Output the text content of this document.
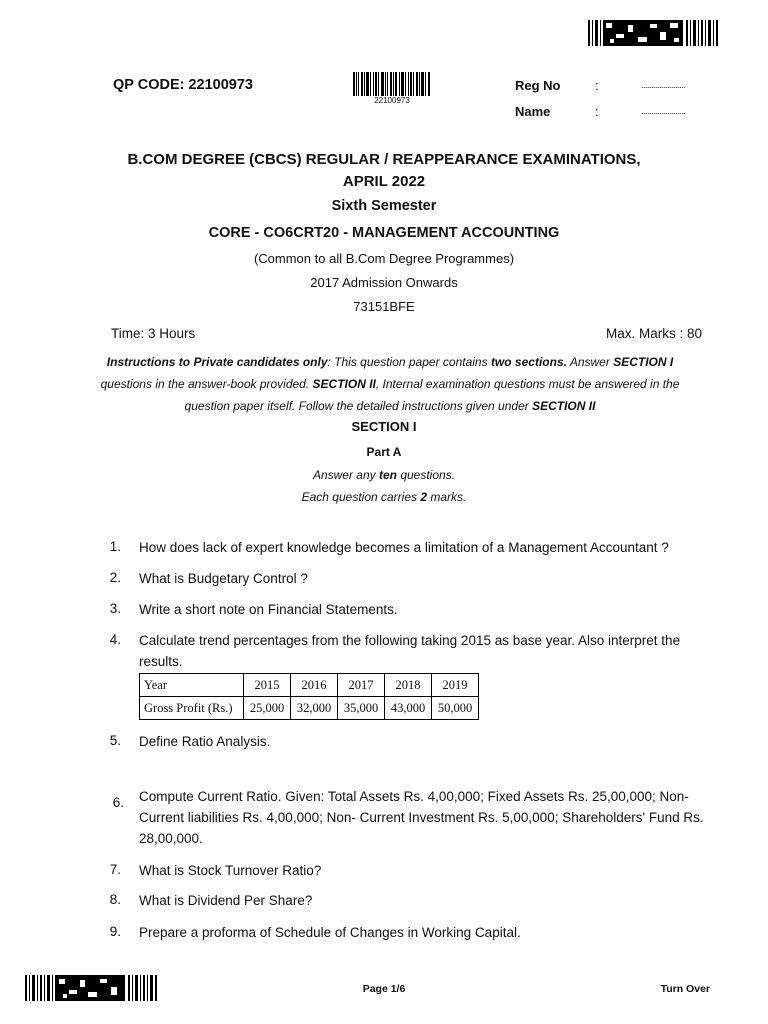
QP CODE: 22100973
22100973
Reg No	:	......................
Name	:	......................
B.COM DEGREE (CBCS) REGULAR / REAPPEARANCE EXAMINATIONS,
APRIL 2022
Sixth Semester
CORE - CO6CRT20 - MANAGEMENT ACCOUNTING
(Common to all B.Com Degree Programmes)
2017 Admission Onwards
73151BFE
Time: 3 Hours	Max. Marks : 80
Instructions to Private candidates only: This question paper contains two sections. Answer SECTION I questions in the answer-book provided. SECTION II, Internal examination questions must be answered in the question paper itself. Follow the detailed instructions given under SECTION II
SECTION I
Part A
Answer any ten questions.
Each question carries 2 marks.
1. How does lack of expert knowledge becomes a limitation of a Management Accountant ?
2. What is Budgetary Control ?
3. Write a short note on Financial Statements.
4. Calculate trend percentages from the following taking 2015 as base year. Also interpret the results.
Year	2015	2016	2017	2018	2019
Gross Profit (Rs.)	25,000	32,000	35,000	43,000	50,000
5. Define Ratio Analysis.
6. Compute Current Ratio. Given: Total Assets Rs. 4,00,000; Fixed Assets Rs. 25,00,000; Non- Current liabilities Rs. 4,00,000; Non- Current Investment Rs. 5,00,000; Shareholders' Fund Rs. 28,00,000.
7. What is Stock Turnover Ratio?
8. What is Dividend Per Share?
9. Prepare a proforma of Schedule of Changes in Working Capital.
Page 1/6	Turn Over
